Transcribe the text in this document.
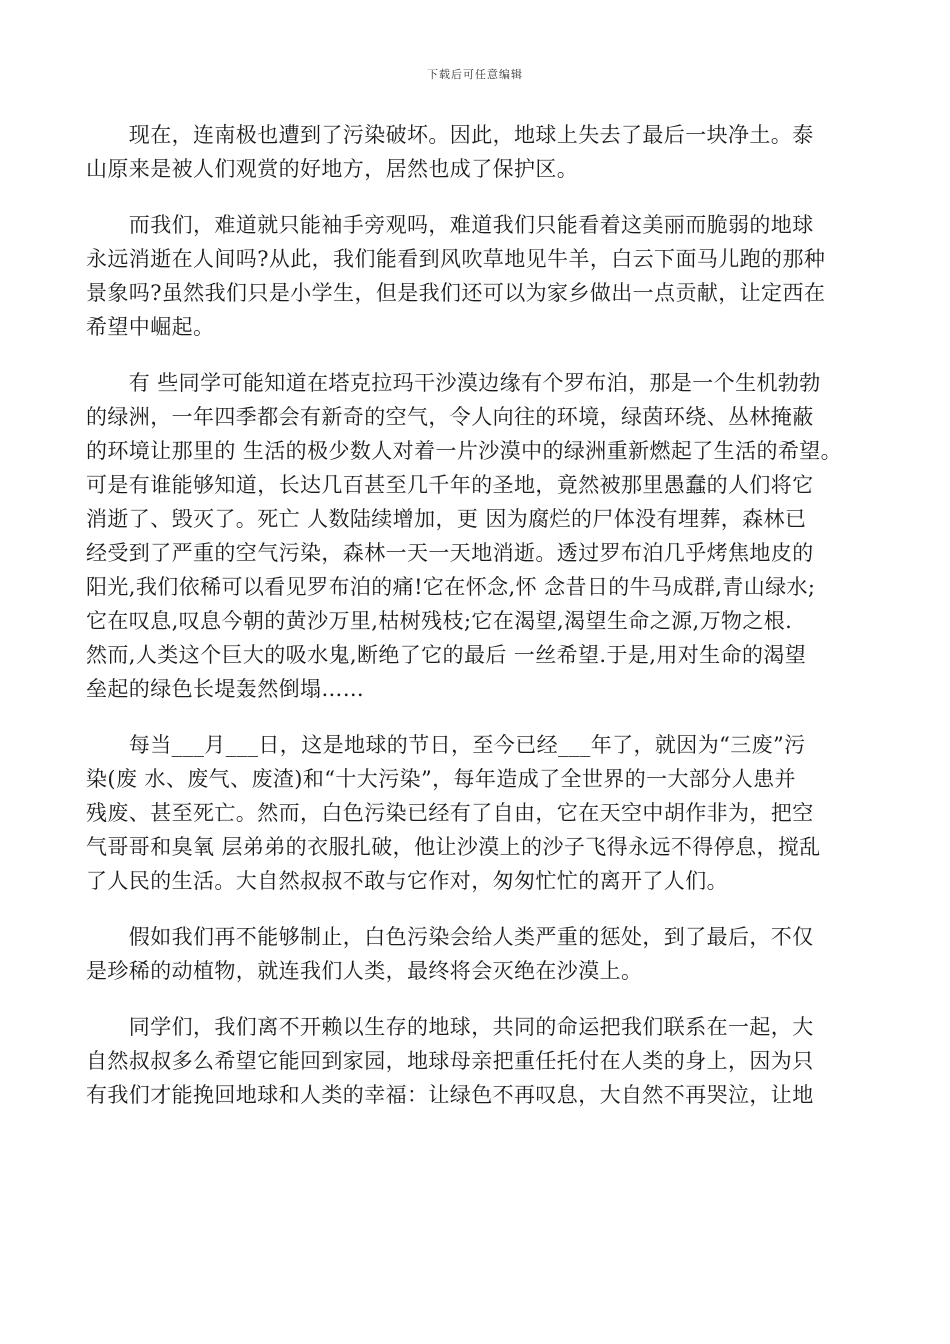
下载后可任意编辑
　　现在，连南极也遭到了污染破坏。因此，地球上失去了最后一块净土。泰
山原来是被人们观赏的好地方，居然也成了保护区。
　　而我们，难道就只能袖手旁观吗，难道我们只能看着这美丽而脆弱的地球
永远消逝在人间吗?从此，我们能看到风吹草地见牛羊，白云下面马儿跑的那种
景象吗?虽然我们只是小学生，但是我们还可以为家乡做出一点贡献，让定西在
希望中崛起。
　　有 些同学可能知道在塔克拉玛干沙漠边缘有个罗布泊，那是一个生机勃勃
的绿洲，一年四季都会有新奇的空气，令人向往的环境，绿茵环绕、丛林掩蔽
的环境让那里的 生活的极少数人对着一片沙漠中的绿洲重新燃起了生活的希望。
可是有谁能够知道，长达几百甚至几千年的圣地，竟然被那里愚蠢的人们将它
消逝了、毁灭了。死亡 人数陆续增加，更 因为腐烂的尸体没有埋葬，森林已
经受到了严重的空气污染，森林一天一天地消逝。透过罗布泊几乎烤焦地皮的
阳光,我们依稀可以看见罗布泊的痛!它在怀念,怀 念昔日的牛马成群,青山绿水;
它在叹息,叹息今朝的黄沙万里,枯树残枝;它在渴望,渴望生命之源,万物之根.
然而,人类这个巨大的吸水鬼,断绝了它的最后 一丝希望.于是,用对生命的渴望
垒起的绿色长堤轰然倒塌……
　　每当___月___日，这是地球的节日，至今已经___年了，就因为“三废”污
染(废 水、废气、废渣)和“十大污染”，每年造成了全世界的一大部分人患并
残废、甚至死亡。然而，白色污染已经有了自由，它在天空中胡作非为，把空
气哥哥和臭氧 层弟弟的衣服扎破，他让沙漠上的沙子飞得永远不得停息，搅乱
了人民的生活。大自然叔叔不敢与它作对，匆匆忙忙的离开了人们。
　　假如我们再不能够制止，白色污染会给人类严重的惩处，到了最后，不仅
是珍稀的动植物，就连我们人类，最终将会灭绝在沙漠上。
　　同学们，我们离不开赖以生存的地球，共同的命运把我们联系在一起，大
自然叔叔多么希望它能回到家园，地球母亲把重任托付在人类的身上，因为只
有我们才能挽回地球和人类的幸福：让绿色不再叹息，大自然不再哭泣，让地
